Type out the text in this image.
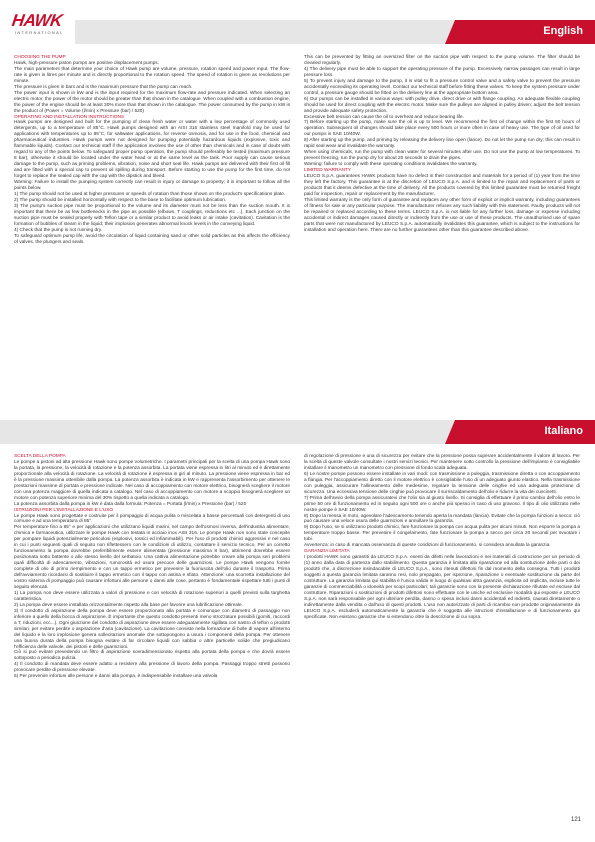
HAWK
INTERNATIONAL	English

CHOOSING THE PUMP

Hawk, high-pressure piston pumps are positive displacement pumps.

The main parameters that determine your choice of Hawk pump are volume, pressure, rotation speed and power input. The flow-rate is given in litres per minute and is directly proportional to the rotation speed. The speed of rotation is given as revolutions per minute.

The pressure is given in bars and is the maximum pressure that the pump can reach.

The power input is shown in kW and is the input required for the maximum flow-rate and pressure indicated. When selecting an electric motor, the power of the motor should be greater than that shown in the catalogue. When coupled with a combustion engine, the power of the engine should be at least 30% more than that shown in the catalogue. The power consumed by the pump in kW is the product of (Power = Volume (l/min) x Pressure (bar) / 520)

OPERATING AND INSTALLATION INSTRUCTIONS

Hawk pumps are designed and built for the pumping of clean fresh water or water with a low percentage of commonly used detergents, up to a temperature of 85°C. Hawk pumps designed with an AISI 316 stainless steel manifold may be used for applications with temperatures up to 85°C, for saltwater applications, for reverse osmosis, and for use in the food, chemical and pharmaceutical industries. Hawk pumps were not designed for pumping potentially hazardous liquids (explosive, toxic and flammable liquids). Contact our technical staff if the application involves the use of other than chemicals and in case of doubt with regard to any of the points below. To safeguard proper pump operation, the pump should preferably be tested (maximum pressure 8 bar), otherwise it should be located under the water head or at the same level as the tank. Poor supply can cause serious damage to the pump, such as priming problems, vibration, noise and short seal life. Hawk pumps are delivered with their first oil fill and are fitted with a special cap to prevent oil spilling during transport. Before starting to use the pump for the first time, do not forget to replace the sealed cap with the cap with the dipstick and bleed.

Warning: Failure to install the pumping system correctly can result in injury or damage to property; it is important to follow all the points below.

1) The pump should not be used at higher pressures or speeds of rotation than those shown on the product's specifications plate.

2) The pump should be installed horizontally with respect to the base to facilitate optimum lubrication.

3) The pump's suction pipe must be proportional to the volume and its diameter must not be less than the suction mouth. It is important that there be as few bottlenecks in the pipe as possible (elbows, T couplings, reductions etc ...). Each junction on the suction pipe must be sealed properly with Teflon tape or a similar product to avoid leaks or air intake (cavitation). Cavitation is the formation of bubbles of steam in the liquid; their implosion generates abnormal knock levels in the conveying liquid.

4) Check that the pump is not running dry.

To safeguard optimum pump life, avoid the circulation of liquid containing sand or other solid particles as this affects the efficiency of valves, the plungers and seals.

This can be prevented by fitting an oversized filter on the suction pipe with respect to the pump volume. The filter should be cleaned regularly.

4) The delivery pipe must be able to support the operating pressure of the pump. Excessively narrow passages can result in large pressure loss.

5) To prevent injury and damage to the pump, it is vital to fit a pressure control valve and a safety valve to prevent the pressure accidentally exceeding its operating level. Contact our technical staff before fitting these valves. To keep the system pressure under control, a pressure gauge should be fitted on the delivery line at the appropriate bottom area.

6) Our pumps can be installed in various ways: with pulley drive, direct drive or with flange coupling. An adequate flexible coupling should be used for direct coupling with the electric motor. Make sure the pulleys are aligned in pulley driven; adjust the belt tension and provide adequate safety protection.

Excessive belt tension can cause the oil to overheat and reduce bearing life.

7) Before starting up the pump, make sure the oil is up to level. We recommend the first oil change within the first 50 hours of operation. Subsequent oil changes should take place every 500 hours or more often in case of heavy use. The type of oil used for our pumps is SAE 10/40W.

8) After starting up the pump, and priming by releasing the delivery line open (lance). Do not let the pump run dry; this can result in rapid seal wear and invalidate the warranty.

When using chemicals, run the pump with clean water for several minutes after use. Do not use the pump at low temperatures. To prevent freezing, run the pump dry for about 20 seconds to drain the pipes.

Warning: failure to comply with these operating conditions invalidates the warranty.

LIMITED WARRANTY

LEUCO S.p.A. guarantees HAWK products have no defect in their construction and materials for a period of (1) year from the time they left the factory. This guarantee is at the discretion of LEUCO S.p.A. and is limited to the repair and replacement of parts or products that it deems defective at the time of delivery. All the products covered by this limited guarantee must be returned freight paid for inspection, repair or replacement by the manufacturer.

This limited warranty is the only form of guarantee and replaces any other form of explicit or implicit warranty, including guarantees of fitness for sale or any particular purpose. The manufacturer refuses any such liability with this statement. Faulty products will not be repaired or replaced according to these terms. LEUCO S.p.A. is not liable for any further loss, damage or expense including accidental or indirect damages caused directly or indirectly from the use or use of these products. The unauthorised use of spare parts that were not manufactured by LEUCO S.p.A. automatically invalidates this guarantee, which is subject to the instructions for installation and operation here. There are no further guarantees other than this guarantee described above.

Italiano

SCELTA DELLA POMPA

Le pompe a pistoni ad alta pressione Hawk sono pompe volumetriche. I parametri principali per la scelta di una pompa Hawk sono la portata, la pressione, la velocità di rotazione e la potenza assorbita. La portata viene espressa in litri al minuto ed è direttamente proporzionale alla velocità di rotazione. La velocità di rotazione è espressa in giri al minuto. La pressione viene espressa in bar ed è la pressione massima ottenibile dalla pompa. La potenza assorbita è indicata in kW e rappresenta l'assorbimento per ottenere le prestazioni massime di portata e pressione indicate. Nel caso di accoppiamento con motore elettrico, bisognerà scegliere il motore con una potenza maggiore di quella indicata a catalogo. Nel caso di accoppiamento con motore a scoppio bisognerà scegliere un motore con potenza superiore minima del 30% rispetto a quella indicata a catalogo.

La potenza assorbita dalla pompa in kW è data dalla formula: Potenza = Portata (l/min) x Pressione (bar) / 520

ISTRUZIONI PER L'INSTALLAZIONE E L'USO

Le pompe Hawk sono progettate e costruite per il pompaggio di acqua pulita o miscelata a basse percentuali con detergenti di uso comune e ad una temperatura di 85°.

Per temperature fino a 85° e per applicazioni che utilizzano liquidi marini, nel campo dell'osmosi inversa, dell'industria alimentare, chimica e farmaceutica, utilizzare le pompe Hawk con testata in acciaio inox AISI 316. Le pompe Hawk non sono state concepite per pompare liquidi potenzialmente pericolosi (esplosivi, tossici ed infiammabili). Per l'uso di prodotti chimici aggressivi e nel caso in cui i punti seguenti quali di seguito non riflettessero con le condizioni di utilizzo, contattare il servizio tecnico. Per un corretto funzionamento la pompa dovrebbe preferibilmente essere alimentata (pressione massima 8 bar), altrimenti dovrebbe essere posizionata sotto battente o allo stesso livello del serbatoio. Una cattiva alimentazione potrebbe creare alla pompa seri problemi quali difficoltà di adescamento, vibrazioni, rumorosità ed usura precoce delle guarnizioni. Le pompe Hawk vengono fornite complete di olio di primo riempimento e con un tappo ermetico per prevenire la fuoriuscita dell'olio durante il trasporto. Prima dell'avviamento ricordarsi di sostituire il tappo ermetico con il tappo con astina e sfiato. Attenzione: una scorretta installazione del vostro sistema di pompaggio può causare infortuni alle persone o danni alle cose, pertanto è fondamentale rispettare tutti i punti di seguito elencati.

1) La pompa non deve essere utilizzata a valori di pressione e con velocità di rotazione superiori a quelli previsti sulla targhetta caratteristica.

2) La pompa deve essere installata orizzontalmente rispetto alla base per favorire una lubrificazione ottimale.

3) Il condotto di aspirazione della pompa deve essere proporzionato alla portata e comunque con diametro di passaggio non inferiore a quello della bocca di aspirazione. È importante che questo condotto presenti meno strozzature possibili (gomiti, raccordi a T, riduzioni, ecc...). Ogni giunzione del condotto di aspirazione deve essere adeguatamente sigillata con nastro di teflon o prodotti similari, per evitare perdite o aspirazione d'aria (cavitazione). La cavitazione consiste nella formazione di bolle di vapore all'interno del liquido e la loro implosione genera sollecitazioni anomale che sottopongono a usura i componenti della pompa. Per ottenere una buona durata della pompa bisogna evitare di far circolare liquidi con sabbia o altre particelle solide che pregiudicano l'efficienza delle valvole, dei pistoni e delle guarnizioni.

Ciò si può evitare prevedendo un filtro di aspirazione sovradimensionato rispetto alla portata della pompa e che dovrà essere sottoposto a periodica pulizia.

4) Il condotto di mandata deve essere adatto a resistere alla pressione di lavoro della pompa. Passaggi troppo stretti possono provocare perdite di pressione elevate.

5) Per prevenire infortuni alle persone e danni alla pompa, è indispensabile installare una valvola

di regolazione di pressione e una di sicurezza per evitare che la pressione possa superare accidentalmente il valore di lavoro. Per la scelta di queste valvole consultate i nostri servizi tecnici. Per mantenere sotto controllo la pressione dell'impianto è consigliabile installare il manometro un manometro con pressione di fondo scala adeguata.

6) Le nostre pompe possono essere installate in vari modi: con trasmissione a puleggia, trasmissione diretta o con accoppiamento a flangia. Per l'accoppiamento diretto con il motore elettrico è consigliabile l'uso di un adeguato giunto elastico. Nella trasmissione con puleggia, assicurare l'allineamento delle medesime, regolare la tensione delle cinghie ed una adeguata protezione di sicurezza. Una eccessiva tensione delle cinghie può provocare il surriscaldamento dell'olio e ridurre la vita dei cuscinetti.

7) Prima dell'avvio della pompa assicuratevi che l'olio sia al giusto livello. Si consiglia di effettuare il primo cambio dell'olio entro le prime 50 ore di funzionamento ed in seguito ogni 500 ore o anche più spesso in caso di uso gravoso. Il tipo di olio utilizzato nelle nostre pompe è SAE 10/40W.

8) Dopo la messa in moto, agevolare l'adescamento tenendo aperta la mandata (lancia). Evitate che la pompa funzioni a secco: ciò può causare una veloce usura delle guarnizioni e annullare la garanzia.

9) Dopo l'uso, se si utilizzano prodotti chimici, fare funzionare la pompa con acqua pulita per alcuni minuti. Non esporre la pompa a temperature troppo basse. Per prevenire il congelamento, fate funzionare la pompa a secco per circa 20 secondi per svuotare i tubi.

Avvertenza: in caso di mancata osservanza di queste condizioni di funzionamento, si considera annullata la garanzia.

GARANZIA LIMITATA

I prodotti HAWK sono garantiti da LEUCO S.p.A. esenti da difetti nelle lavorazioni e nei materiali di costruzione per un periodo di (1) anno dalla data di partenza dallo stabilimento. Questa garanzia è limitata alla riparazione ed alla sostituzione delle parti o dei prodotti che, a discrezione insindacabile di LEUCO S.p.A., sono ritenuti difettosi fin dal momento della consegna. Tutti i prodotti soggetti a questa garanzia limitata saranno resi, nolo prepagato, per ispezione, riparazione o eventuale sostituzione da parte del costruttore. La garanzia limitata qui stabilita è l'unica valida in luogo di qualsiasi altra garanzia, esplicita od implicita, incluse tutte le garanzie di commerciabilità o idoneità per scopi particolari; tali garanzie sono con la presente dichiarazione rifiutate ed escluse dal costruttore. Riparazioni o sostituzioni di prodotti difettosi sono effettuate con le uniche ed esclusive modalità qui esposte e LEUCO S.p.A. non sarà responsabile per ogni ulteriore perdita, danno o spesa inclusi danni accidentali ed indiretti, causati direttamente o indirettamente dalla vendita o dall'uso di questi prodotti. L'uso non autorizzato di parti di ricambio non prodotte originariamente da LEUCO S.p.A. escluderà automaticamente la garanzia che è soggetta alle istruzioni d'installazione e di funzionamento qui specificate. Non esistono garanzie che si estendono oltre la descrizione di cui sopra.

121
